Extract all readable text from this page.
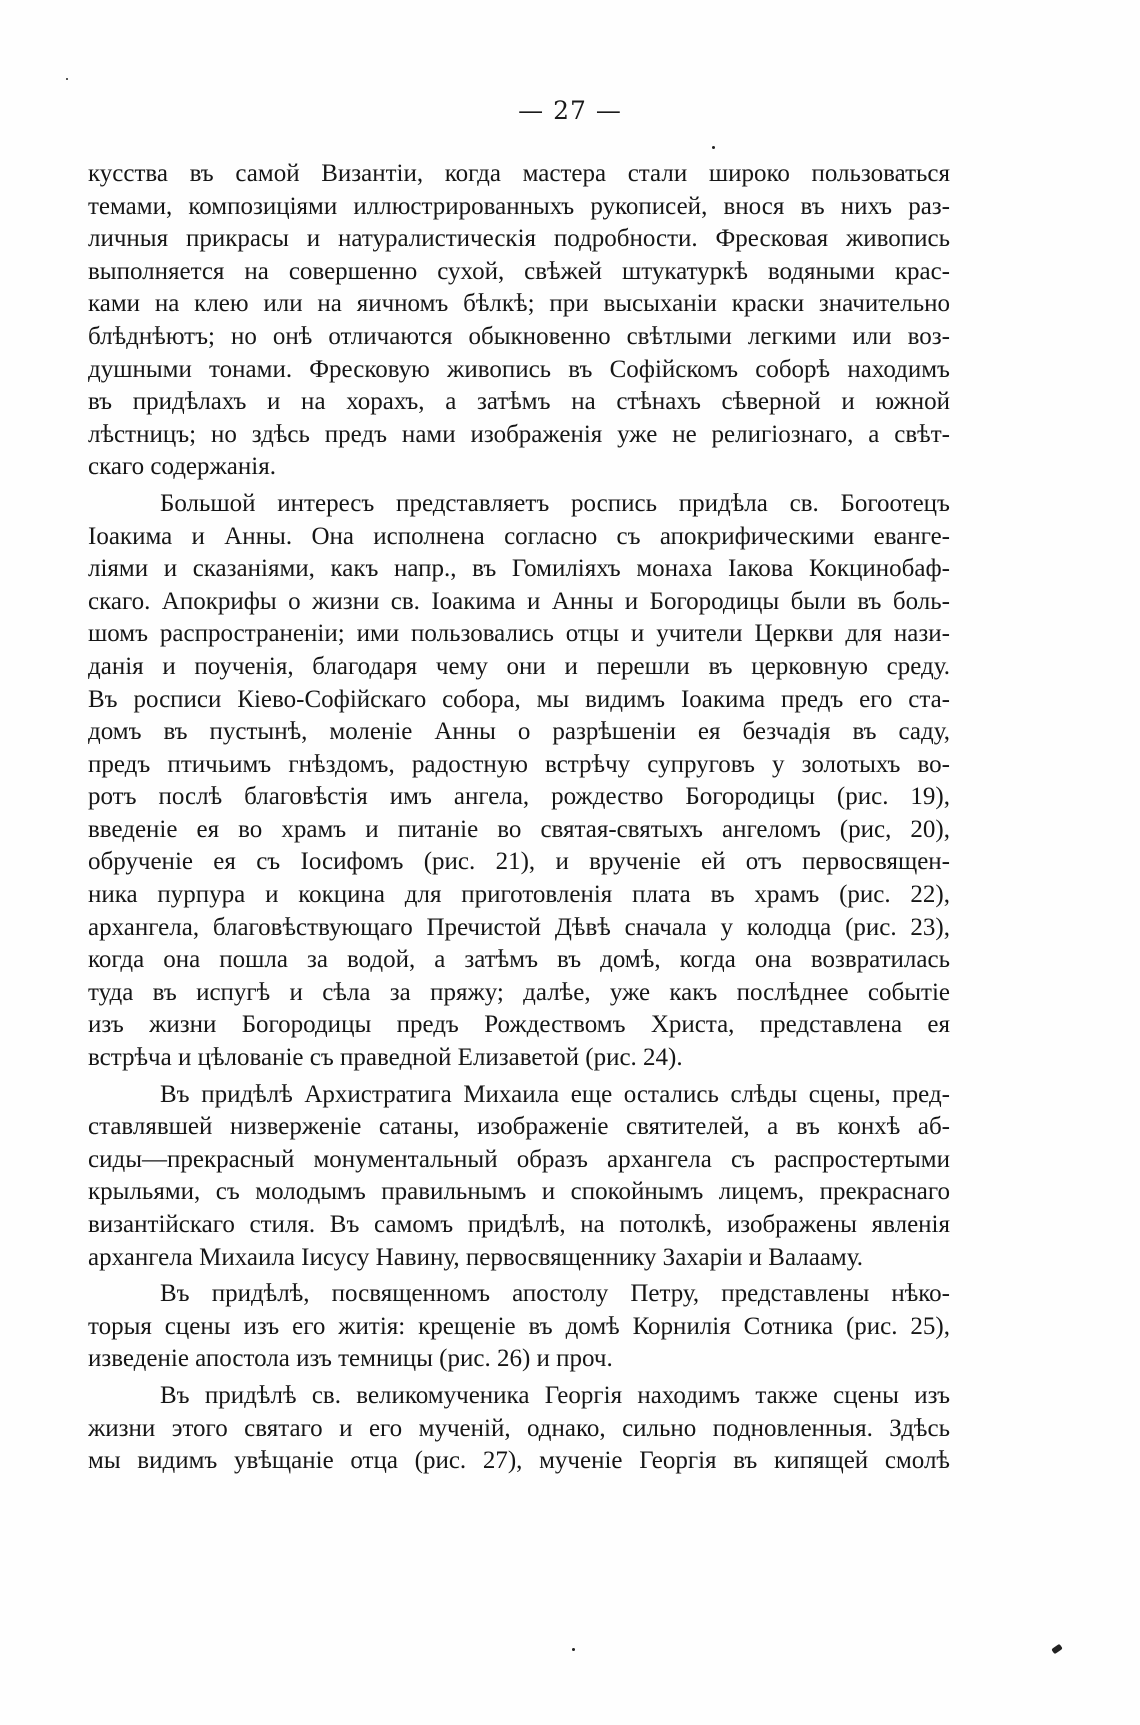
— 27 —

кусства въ самой Византіи, когда мастера стали широко пользоваться
темами, композиціями иллюстрированныхъ рукописей, внося въ нихъ раз-
личныя прикрасы и натуралистическія подробности. Фресковая живопись
выполняется на совершенно сухой, свѣжей штукатуркѣ водяными крас-
ками на клею или на яичномъ бѣлкѣ; при высыханіи краски значительно
блѣднѣютъ; но онѣ отличаются обыкновенно свѣтлыми легкими или воз-
душными тонами. Фресковую живопись въ Софійскомъ соборѣ находимъ
въ придѣлахъ и на хорахъ, а затѣмъ на стѣнахъ сѣверной и южной
лѣстницъ; но здѣсь предъ нами изображенія уже не религіознаго, а свѣт-
скаго содержанія.

Большой интересъ представляетъ роспись придѣла св. Богоотецъ
Іоакима и Анны. Она исполнена согласно съ апокрифическими еванге-
ліями и сказаніями, какъ напр., въ Гомиліяхъ монаха Іакова Кокцинобаф-
скаго. Апокрифы о жизни св. Іоакима и Анны и Богородицы были въ боль-
шомъ распространеніи; ими пользовались отцы и учители Церкви для нази-
данія и поученія, благодаря чему они и перешли въ церковную среду.
Въ росписи Кіево-Софійскаго собора, мы видимъ Іоакима предъ его ста-
домъ въ пустынѣ, моленіе Анны о разрѣшеніи ея безчадія въ саду,
предъ птичьимъ гнѣздомъ, радостную встрѣчу супруговъ у золотыхъ во-
ротъ послѣ благовѣстія имъ ангела, рождество Богородицы (рис. 19),
введеніе ея во храмъ и питаніе во святая-святыхъ ангеломъ (рис, 20),
обрученіе ея съ Іосифомъ (рис. 21), и врученіе ей отъ первосвящен-
ника пурпура и кокцина для приготовленія плата въ храмъ (рис. 22),
архангела, благовѣствующаго Пречистой Дѣвѣ сначала у колодца (рис. 23),
когда она пошла за водой, а затѣмъ въ домѣ, когда она возвратилась
туда въ испугѣ и сѣла за пряжу; далѣе, уже какъ послѣднее событіе
изъ жизни Богородицы предъ Рождествомъ Христа, представлена ея
встрѣча и цѣлованіе съ праведной Елизаветой (рис. 24).

Въ придѣлѣ Архистратига Михаила еще остались слѣды сцены, пред-
ставлявшей низверженіе сатаны, изображеніе святителей, а въ конхѣ аб-
сиды—прекрасный монументальный образъ архангела съ распростертыми
крыльями, съ молодымъ правильнымъ и спокойнымъ лицемъ, прекраснаго
византійскаго стиля. Въ самомъ придѣлѣ, на потолкѣ, изображены явленія
архангела Михаила Іисусу Навину, первосвященнику Захаріи и Валааму.

Въ придѣлѣ, посвященномъ апостолу Петру, представлены нѣко-
торыя сцены изъ его житія: крещеніе въ домѣ Корнилія Сотника (рис. 25),
изведеніе апостола изъ темницы (рис. 26) и проч.

Въ придѣлѣ св. великомученика Георгія находимъ также сцены изъ
жизни этого святаго и его мученій, однако, сильно подновленныя. Здѣсь
мы видимъ увѣщаніе отца (рис. 27), мученіе Георгія въ кипящей смолѣ
